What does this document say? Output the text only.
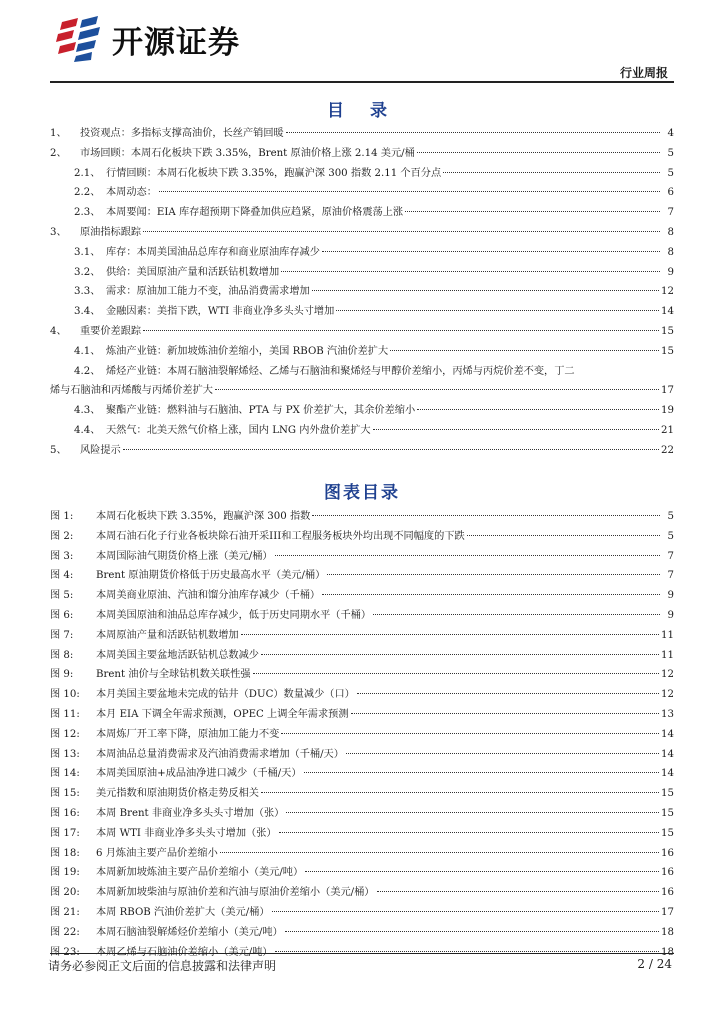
开源证券
行业周报
目 录
1、	投资观点：多指标支撑高油价，长丝产销回暖	4
2、	市场回顾：本周石化板块下跌 3.35%，Brent 原油价格上涨 2.14 美元/桶	5
2.1、 行情回顾：本周石化板块下跌 3.35%，跑赢沪深 300 指数 2.11 个百分点	5
2.2、 本周动态：	6
2.3、 本周要闻：EIA 库存超预期下降叠加供应趋紧，原油价格震荡上涨	7
3、	原油指标跟踪	8
3.1、 库存：本周美国油品总库存和商业原油库存减少	8
3.2、 供给：美国原油产量和活跃钻机数增加	9
3.3、 需求：原油加工能力不变，油品消费需求增加	12
3.4、 金融因素：美指下跌，WTI 非商业净多头头寸增加	14
4、	重要价差跟踪	15
4.1、 炼油产业链：新加坡炼油价差缩小，美国 RBOB 汽油价差扩大	15
4.2、 烯烃产业链：本周石脑油裂解烯烃、乙烯与石脑油和聚烯烃与甲醇价差缩小，丙烯与丙烷价差不变，丁二
烯与石脑油和丙烯酸与丙烯价差扩大	17
4.3、 聚酯产业链：燃料油与石脑油、PTA 与 PX 价差扩大，其余价差缩小	19
4.4、 天然气：北美天然气价格上涨，国内 LNG 内外盘价差扩大	21
5、	风险提示	22
图表目录
图 1:	本周石化板块下跌 3.35%，跑赢沪深 300 指数	5
图 2:	本周石油石化子行业各板块除石油开采III和工程服务板块外均出现不同幅度的下跌	5
图 3:	本周国际油气期货价格上涨（美元/桶）	7
图 4:	Brent 原油期货价格低于历史最高水平（美元/桶）	7
图 5:	本周美商业原油、汽油和馏分油库存减少（千桶）	9
图 6:	本周美国原油和油品总库存减少，低于历史同期水平（千桶）	9
图 7:	本周原油产量和活跃钻机数增加	11
图 8:	本周美国主要盆地活跃钻机总数减少	11
图 9:	Brent 油价与全球钻机数关联性强	12
图 10:	本月美国主要盆地未完成的钻井（DUC）数量减少（口）	12
图 11:	本月 EIA 下调全年需求预测，OPEC 上调全年需求预测	13
图 12:	本周炼厂开工率下降，原油加工能力不变	14
图 13:	本周油品总量消费需求及汽油消费需求增加（千桶/天）	14
图 14:	本周美国原油+成品油净进口减少（千桶/天）	14
图 15:	美元指数和原油期货价格走势反相关	15
图 16:	本周 Brent 非商业净多头头寸增加（张）	15
图 17:	本周 WTI 非商业净多头头寸增加（张）	15
图 18:	6 月炼油主要产品价差缩小	16
图 19:	本周新加坡炼油主要产品价差缩小（美元/吨）	16
图 20:	本周新加坡柴油与原油价差和汽油与原油价差缩小（美元/桶）	16
图 21:	本周 RBOB 汽油价差扩大（美元/桶）	17
图 22:	本周石脑油裂解烯烃价差缩小（美元/吨）	18
请务必参阅正文后面的信息披露和法律声明	2 / 24
